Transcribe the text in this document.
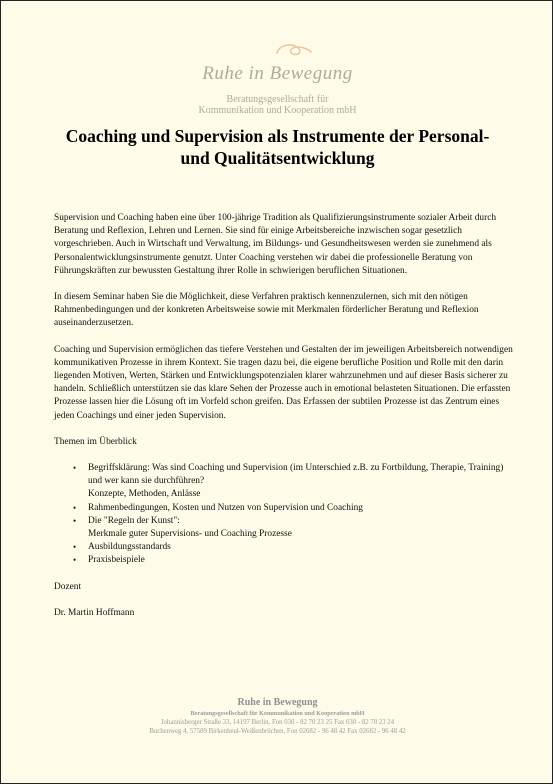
Ruhe in Bewegung
Beratungsgesellschaft für
Kommunikation und Kooperation mbH
Coaching und Supervision als Instrumente der Personal-
und Qualitätsentwicklung

Supervision und Coaching haben eine über 100-jährige Tradition als Qualifizierungsinstrumente sozialer Arbeit durch Beratung und Reflexion, Lehren und Lernen. Sie sind für einige Arbeitsbereiche inzwischen sogar gesetzlich vorgeschrieben. Auch in Wirtschaft und Verwaltung, im Bildungs- und Gesundheitswesen werden sie zunehmend als Personalentwicklungsinstrumente genutzt. Unter Coaching verstehen wir dabei die professionelle Beratung von Führungskräften zur bewussten Gestaltung ihrer Rolle in schwierigen beruflichen Situationen.

In diesem Seminar haben Sie die Möglichkeit, diese Verfahren praktisch kennenzulernen, sich mit den nötigen Rahmenbedingungen und der konkreten Arbeitsweise sowie mit Merkmalen förderlicher Beratung und Reflexion auseinanderzusetzen.

Coaching und Supervision ermöglichen das tiefere Verstehen und Gestalten der im jeweiligen Arbeitsbereich notwendigen kommunikativen Prozesse in ihrem Kontext. Sie tragen dazu bei, die eigene berufliche Position und Rolle mit den darin liegenden Motiven, Werten, Stärken und Entwicklungspotenzialen klarer wahrzunehmen und auf dieser Basis sicherer zu handeln. Schließlich unterstützen sie das klare Sehen der Prozesse auch in emotional belasteten Situationen. Die erfassten Prozesse lassen hier die Lösung oft im Vorfeld schon greifen. Das Erfassen der subtilen Prozesse ist das Zentrum eines jeden Coachings und einer jeden Supervision.

Themen im Überblick

• Begriffsklärung: Was sind Coaching und Supervision (im Unterschied z.B. zu Fortbildung, Therapie, Training) und wer kann sie durchführen?
Konzepte, Methoden, Anlässe
• Rahmenbedingungen, Kosten und Nutzen von Supervision und Coaching
• Die "Regeln der Kunst":
Merkmale guter Supervisions- und Coaching Prozesse
• Ausbildungsstandards
• Praxisbeispiele

Dozent

Dr. Martin Hoffmann

Ruhe in Bewegung
Beratungsgesellschaft für Kommunikation und Kooperation mbH
Johannisberger Straße 33, 14197 Berlin, Fon 030 - 82 70 23 25 Fax 030 - 82 70 23 24
Buchenweg 4, 57589 Birkenbeul-Weißenbrüchen, Fon 02682 - 96 48 42 Fax 02682 - 96 48 42
